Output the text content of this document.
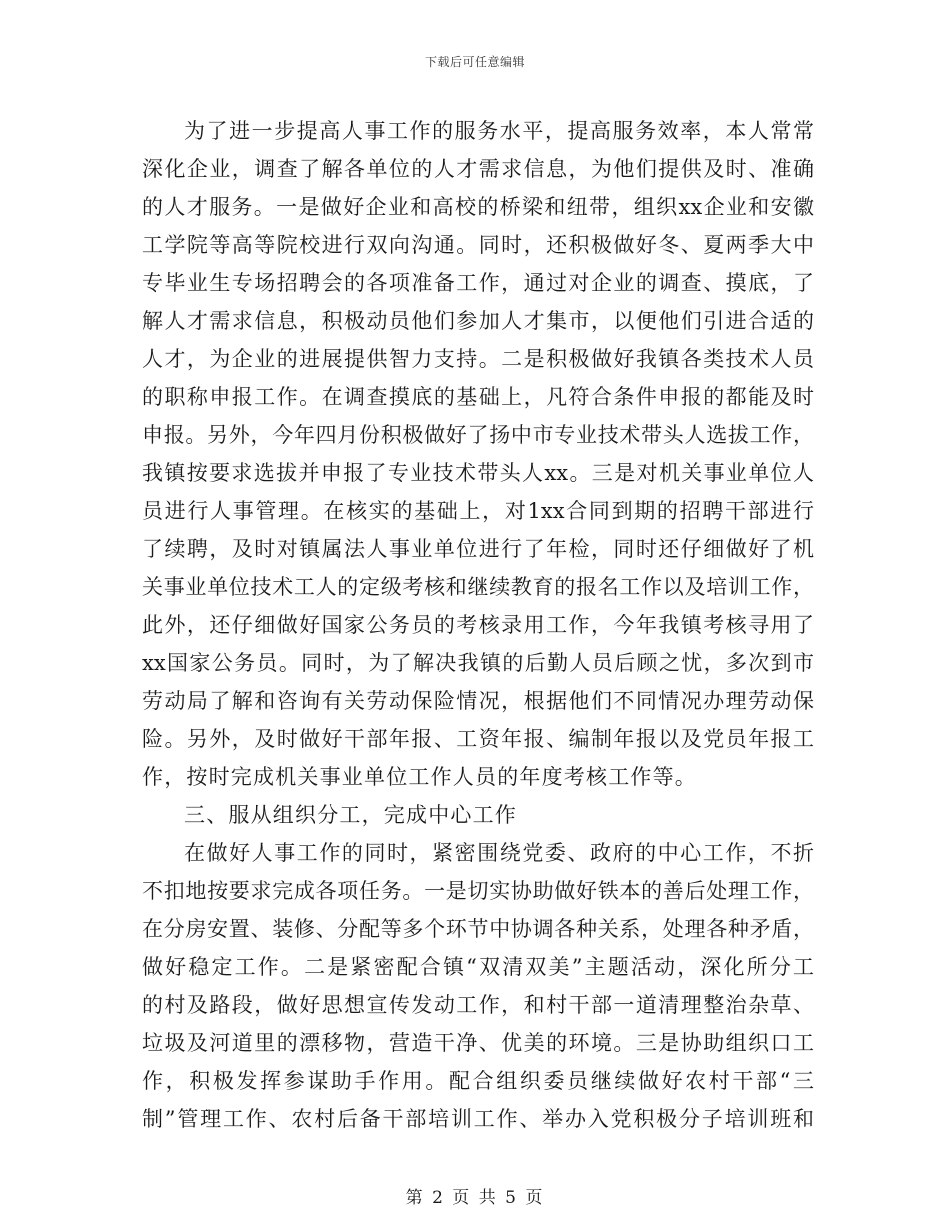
下载后可任意编辑
为了进一步提高人事工作的服务水平，提高服务效率，本人常常
深化企业，调查了解各单位的人才需求信息，为他们提供及时、准确
的人才服务。一是做好企业和高校的桥梁和纽带，组织xx企业和安徽
工学院等高等院校进行双向沟通。同时，还积极做好冬、夏两季大中
专毕业生专场招聘会的各项准备工作，通过对企业的调查、摸底，了
解人才需求信息，积极动员他们参加人才集市，以便他们引进合适的
人才，为企业的进展提供智力支持。二是积极做好我镇各类技术人员
的职称申报工作。在调查摸底的基础上，凡符合条件申报的都能及时
申报。另外，今年四月份积极做好了扬中市专业技术带头人选拔工作，
我镇按要求选拔并申报了专业技术带头人xx。三是对机关事业单位人
员进行人事管理。在核实的基础上，对1xx合同到期的招聘干部进行
了续聘，及时对镇属法人事业单位进行了年检，同时还仔细做好了机
关事业单位技术工人的定级考核和继续教育的报名工作以及培训工作，
此外，还仔细做好国家公务员的考核录用工作，今年我镇考核寻用了
xx国家公务员。同时，为了解决我镇的后勤人员后顾之忧，多次到市
劳动局了解和咨询有关劳动保险情况，根据他们不同情况办理劳动保
险。另外，及时做好干部年报、工资年报、编制年报以及党员年报工
作，按时完成机关事业单位工作人员的年度考核工作等。
三、服从组织分工，完成中心工作
在做好人事工作的同时，紧密围绕党委、政府的中心工作，不折
不扣地按要求完成各项任务。一是切实协助做好铁本的善后处理工作，
在分房安置、装修、分配等多个环节中协调各种关系，处理各种矛盾，
做好稳定工作。二是紧密配合镇“双清双美”主题活动，深化所分工
的村及路段，做好思想宣传发动工作，和村干部一道清理整治杂草、
垃圾及河道里的漂移物，营造干净、优美的环境。三是协助组织口工
作，积极发挥参谋助手作用。配合组织委员继续做好农村干部“三
制”管理工作、农村后备干部培训工作、举办入党积极分子培训班和
第 2 页 共 5 页
